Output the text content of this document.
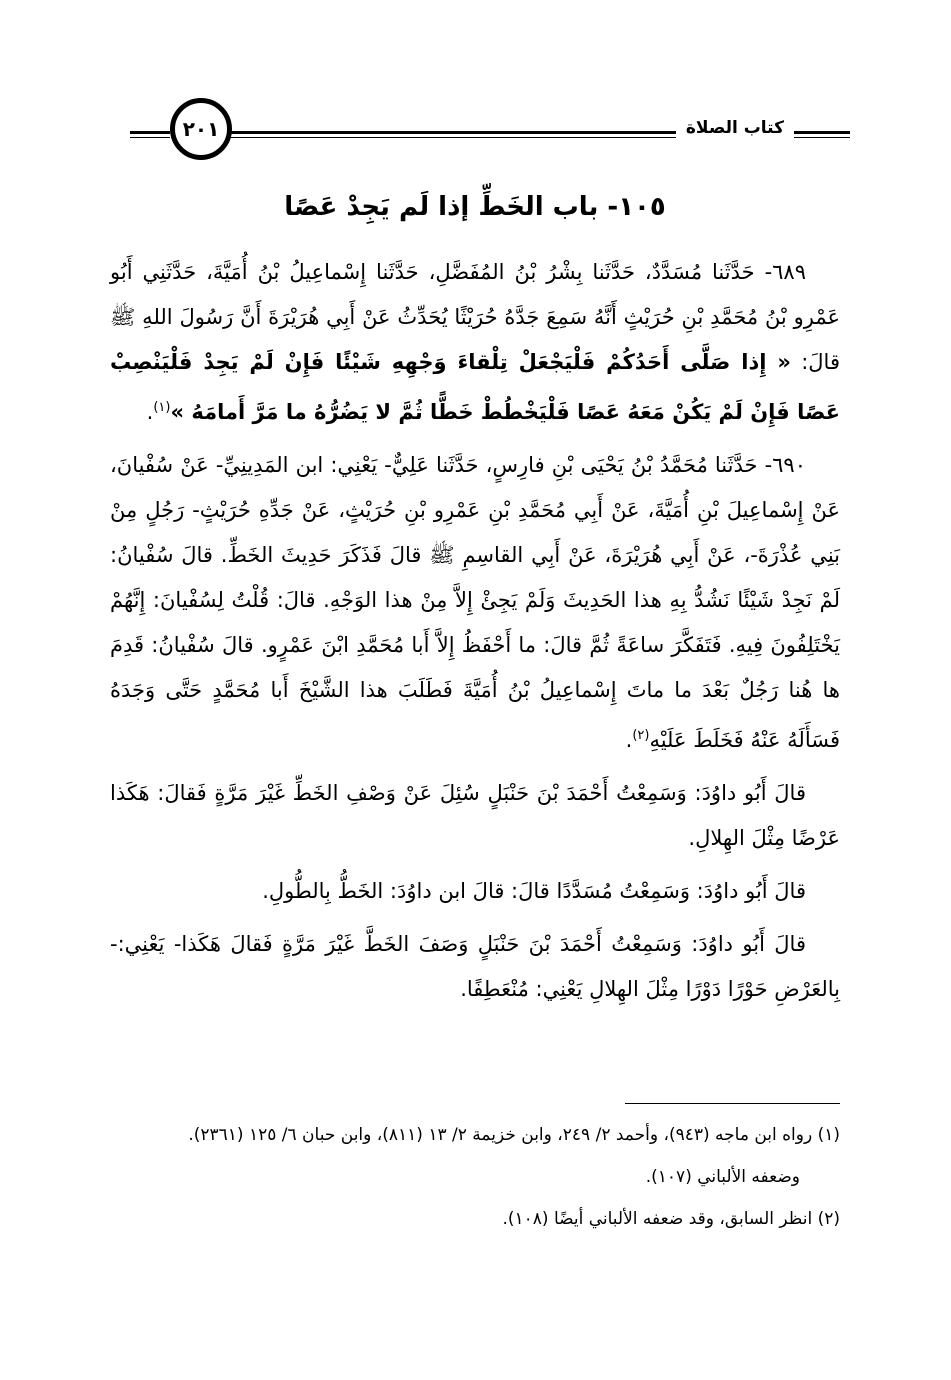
كتاب الصلاة
٢٠١
١٠٥- باب الخَطِّ إذا لَم يَجِدْ عَصًا

٦٨٩- حَدَّثَنا مُسَدَّدٌ، حَدَّثَنا بِشْرُ بْنُ المُفَضَّلِ، حَدَّثَنا إِسْماعِيلُ بْنُ أُمَيَّةَ، حَدَّثَنِي أَبُو عَمْرِو بْنُ مُحَمَّدِ بْنِ حُرَيْثٍ أَنَّهُ سَمِعَ جَدَّهُ حُرَيْثًا يُحَدِّثُ عَنْ أَبِي هُرَيْرَةَ أَنَّ رَسُولَ اللهِ ﷺ قالَ: « إِذا صَلَّى أَحَدُكُمْ فَلْيَجْعَلْ تِلْقاءَ وَجْهِهِ شَيْئًا فَإِنْ لَمْ يَجِدْ فَلْيَنْصِبْ عَصًا فَإِنْ لَمْ يَكُنْ مَعَهُ عَصًا فَلْيَخْطُطْ خَطًّا ثُمَّ لا يَضُرُّهُ ما مَرَّ أَمامَهُ »$^{(١)}$.

٦٩٠- حَدَّثَنا مُحَمَّدُ بْنُ يَحْيَى بْنِ فارِسٍ، حَدَّثَنا عَلِيٌّ- يَعْنِي: ابن المَدِينِيِّ- عَنْ سُفْيانَ، عَنْ إِسْماعِيلَ بْنِ أُمَيَّةَ، عَنْ أَبِي مُحَمَّدِ بْنِ عَمْرِو بْنِ حُرَيْثٍ، عَنْ جَدِّهِ حُرَيْثٍ- رَجُلٍ مِنْ بَنِي عُذْرَةَ-، عَنْ أَبِي هُرَيْرَةَ، عَنْ أَبِي القاسِمِ ﷺ قالَ فَذَكَرَ حَدِيثَ الخَطِّ. قالَ سُفْيانُ: لَمْ نَجِدْ شَيْئًا نَشُدُّ بِهِ هذا الحَدِيثَ وَلَمْ يَجِئْ إِلاَّ مِنْ هذا الوَجْهِ. قالَ: قُلْتُ لِسُفْيانَ: إِنَّهُمْ يَخْتَلِفُونَ فِيهِ. فَتَفَكَّرَ ساعَةً ثُمَّ قالَ: ما أَحْفَظُ إِلاَّ أَبا مُحَمَّدِ ابْنَ عَمْرٍو. قالَ سُفْيانُ: قَدِمَ ها هُنا رَجُلٌ بَعْدَ ما ماتَ إِسْماعِيلُ بْنُ أُمَيَّةَ فَطَلَبَ هذا الشَّيْخَ أَبا مُحَمَّدٍ حَتَّى وَجَدَهُ فَسَأَلَهُ عَنْهُ فَخَلَطَ عَلَيْهِ$^{(٢)}$.

قالَ أَبُو داوُدَ: وَسَمِعْتُ أَحْمَدَ بْنَ حَنْبَلٍ سُئِلَ عَنْ وَصْفِ الخَطِّ غَيْرَ مَرَّةٍ فَقالَ: هَكَذا عَرْضًا مِثْلَ الهِلالِ.

قالَ أَبُو داوُدَ: وَسَمِعْتُ مُسَدَّدًا قالَ: قالَ ابن داوُدَ: الخَطُّ بِالطُّولِ.

قالَ أَبُو داوُدَ: وَسَمِعْتُ أَحْمَدَ بْنَ حَنْبَلٍ وَصَفَ الخَطَّ غَيْرَ مَرَّةٍ فَقالَ هَكَذا- يَعْنِي:- بِالعَرْضِ حَوْرًا دَوْرًا مِثْلَ الهِلالِ يَعْنِي: مُنْعَطِفًا.

(١) رواه ابن ماجه (٩٤٣)، وأحمد ٢/ ٢٤٩، وابن خزيمة ٢/ ١٣ (٨١١)، وابن حبان ٦/ ١٢٥ (٢٣٦١).

وضعفه الألباني (١٠٧).

(٢) انظر السابق، وقد ضعفه الألباني أيضًا (١٠٨).
